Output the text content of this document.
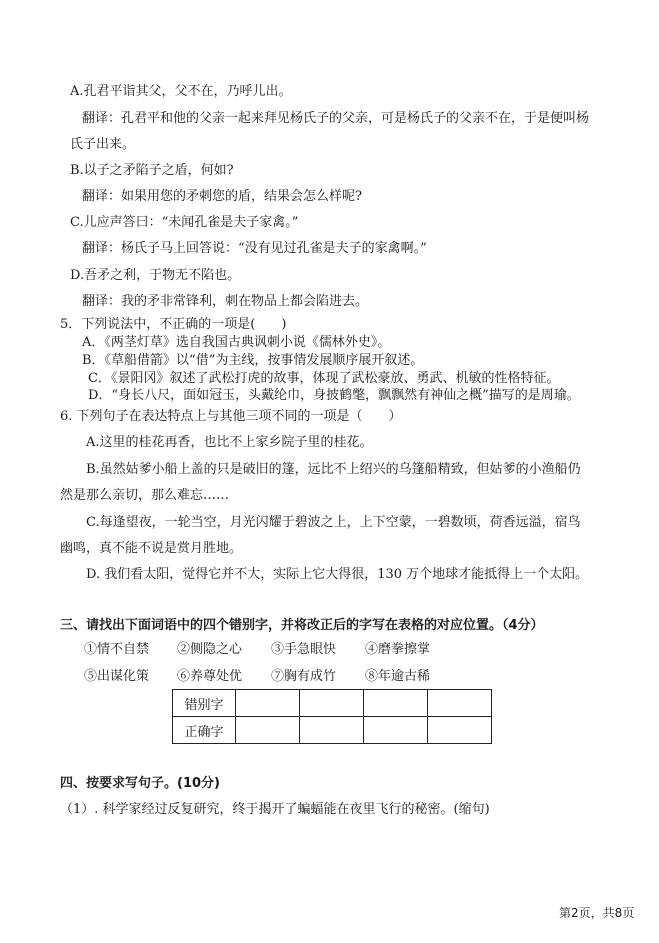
A.孔君平诣其父，父不在，乃呼儿出。
翻译：孔君平和他的父亲一起来拜见杨氏子的父亲，可是杨氏子的父亲不在，于是便叫杨
氏子出来。
B.以子之矛陷子之盾，何如?
翻译：如果用您的矛刺您的盾，结果会怎么样呢?
C.儿应声答曰：“未闻孔雀是夫子家禽。”
翻译：杨氏子马上回答说：“没有见过孔雀是夫子的家禽啊。”
D.吾矛之利，于物无不陷也。
翻译：我的矛非常锋利，刺在物品上都会陷进去。
5．下列说法中，不正确的一项是(　　)
A．《两茎灯草》选自我国古典讽刺小说《儒林外史》。
B．《草船借箭》以“借”为主线，按事情发展顺序展开叙述。
C．《景阳冈》叙述了武松打虎的故事，体现了武松豪放、勇武、机敏的性格特征。
D．“身长八尺，面如冠玉，头戴纶巾，身披鹤氅，飘飘然有神仙之概”描写的是周瑜。
6. 下列句子在表达特点上与其他三项不同的一项是（　　）
A.这里的桂花再香，也比不上家乡院子里的桂花。
B.虽然姑爹小船上盖的只是破旧的篷，远比不上绍兴的乌篷船精致，但姑爹的小渔船仍
然是那么亲切，那么难忘……
C.每逢望夜，一轮当空，月光闪耀于碧波之上，上下空蒙，一碧数顷，荷香远溢，宿鸟
幽鸣，真不能不说是赏月胜地。
D. 我们看太阳，觉得它并不大，实际上它大得很，130 万个地球才能抵得上一个太阳。
三、请找出下面词语中的四个错别字，并将改正后的字写在表格的对应位置。（4分）
①情不自禁 ②侧隐之心 ③手急眼快 ④磨拳擦掌
⑤出谋化策 ⑥养尊处优 ⑦胸有成竹 ⑧年逾古稀
错别字				
正确字				
四、按要求写句子。(10分)
（1）. 科学家经过反复研究，终于揭开了蝙蝠能在夜里飞行的秘密。(缩句)
第2页，共8页
